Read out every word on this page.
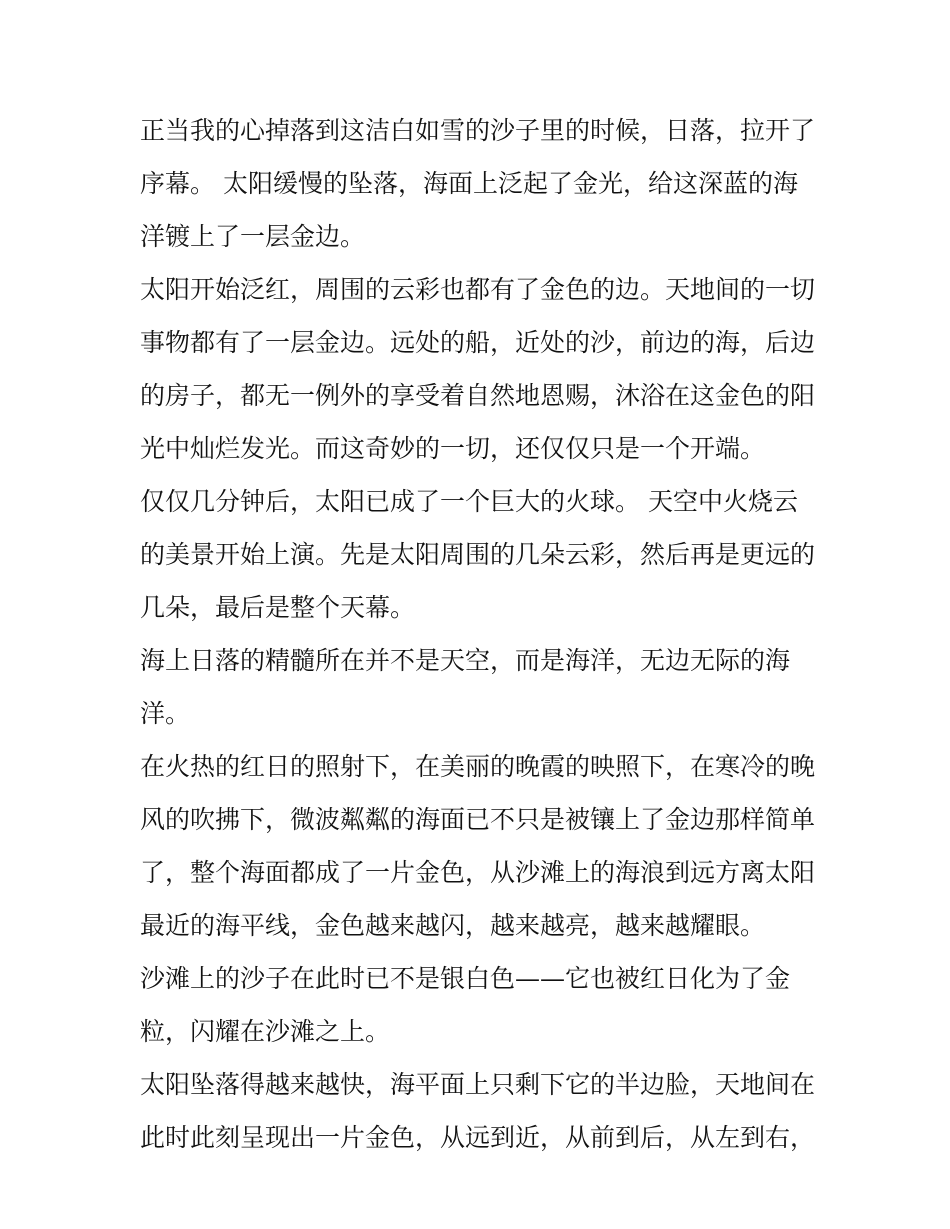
正当我的心掉落到这洁白如雪的沙子里的时候，日落，拉开了
序幕。 太阳缓慢的坠落，海面上泛起了金光，给这深蓝的海
洋镀上了一层金边。
太阳开始泛红，周围的云彩也都有了金色的边。天地间的一切
事物都有了一层金边。远处的船，近处的沙，前边的海，后边
的房子，都无一例外的享受着自然地恩赐，沐浴在这金色的阳
光中灿烂发光。而这奇妙的一切，还仅仅只是一个开端。
仅仅几分钟后，太阳已成了一个巨大的火球。 天空中火烧云
的美景开始上演。先是太阳周围的几朵云彩，然后再是更远的
几朵，最后是整个天幕。
海上日落的精髓所在并不是天空，而是海洋，无边无际的海
洋。
在火热的红日的照射下，在美丽的晚霞的映照下，在寒冷的晚
风的吹拂下，微波粼粼的海面已不只是被镶上了金边那样简单
了，整个海面都成了一片金色，从沙滩上的海浪到远方离太阳
最近的海平线，金色越来越闪，越来越亮，越来越耀眼。
沙滩上的沙子在此时已不是银白色——它也被红日化为了金
粒，闪耀在沙滩之上。
太阳坠落得越来越快，海平面上只剩下它的半边脸，天地间在
此时此刻呈现出一片金色，从远到近，从前到后，从左到右，
